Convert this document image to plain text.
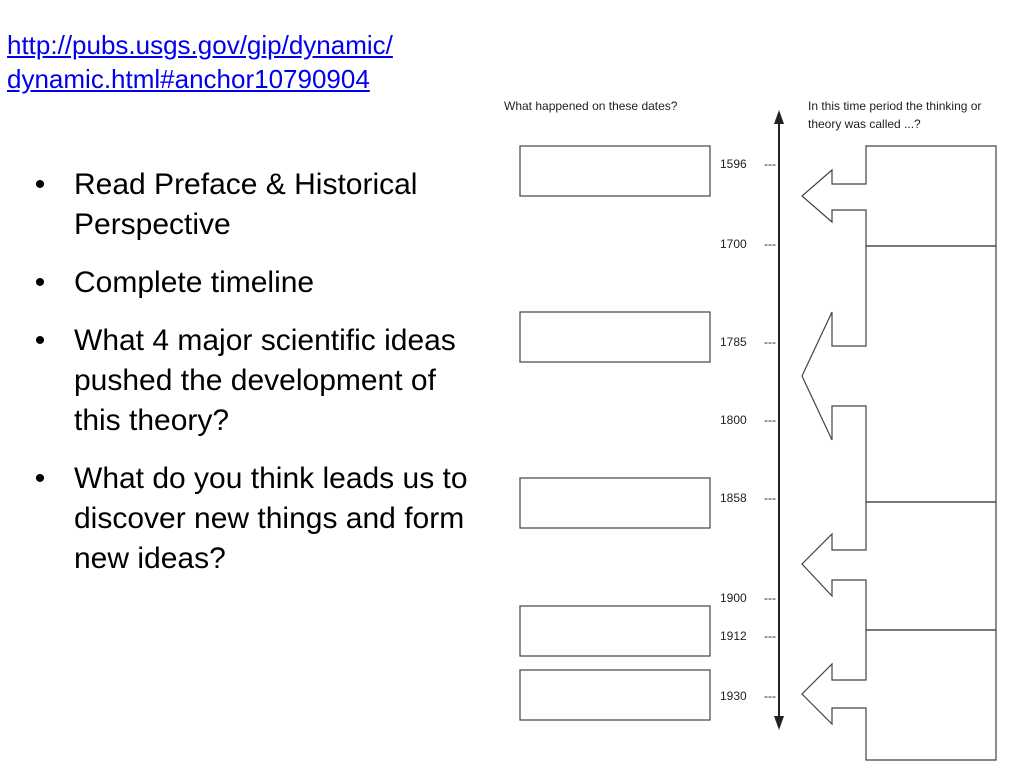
http://pubs.usgs.gov/gip/dynamic/
dynamic.html#anchor10790904
• Read Preface & Historical Perspective
• Complete timeline
• What 4 major scientific ideas pushed the development of this theory?
• What do you think leads us to discover new things and form new ideas?
What happened on these dates?	In this time period the thinking or
theory was called ...?
1596 ---
1700 ---
1785 ---
1800 ---
1858 ---
1900 ---
1912 ---
1930 ---
